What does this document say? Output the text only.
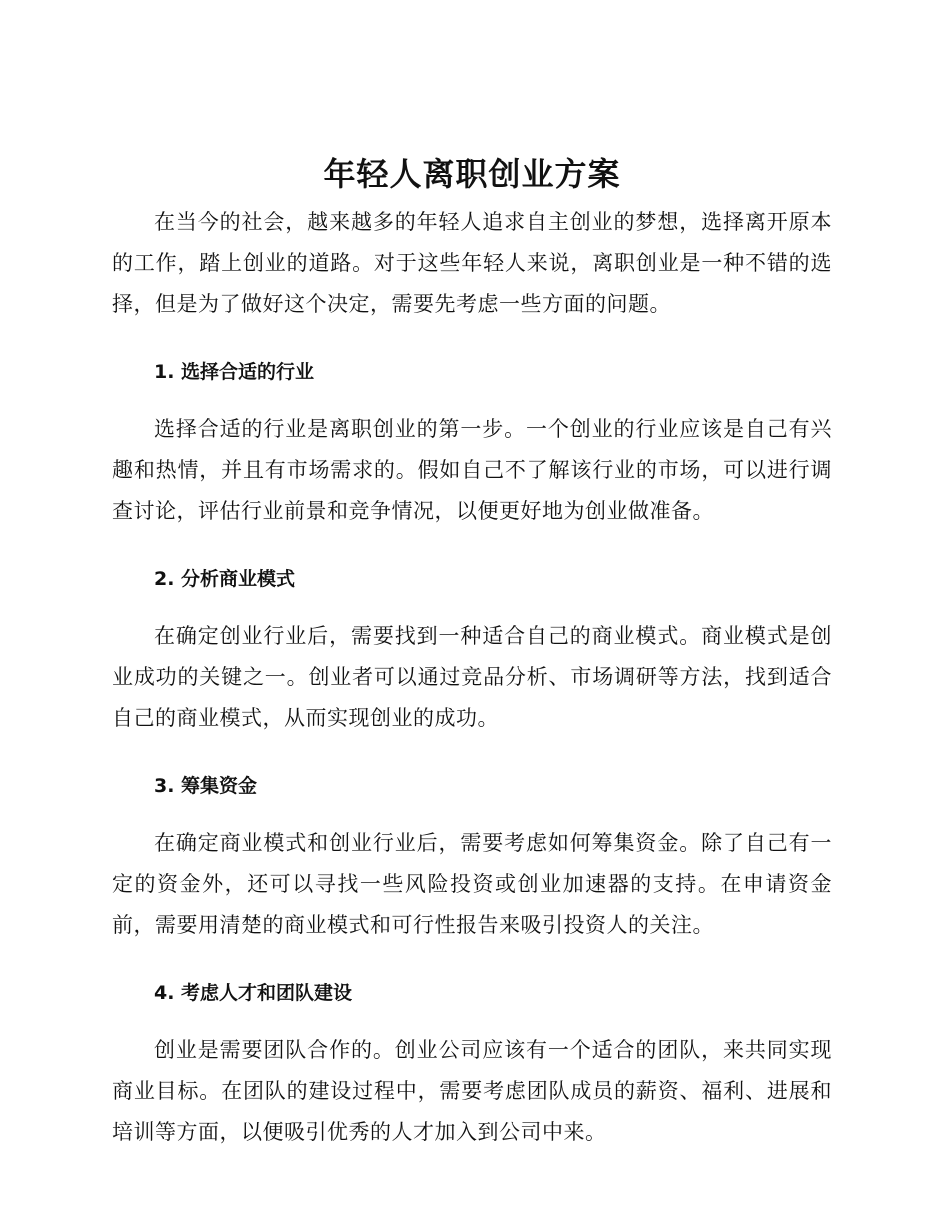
年轻人离职创业方案

在当今的社会，越来越多的年轻人追求自主创业的梦想，选择离开原本的工作，踏上创业的道路。对于这些年轻人来说，离职创业是一种不错的选择，但是为了做好这个决定，需要先考虑一些方面的问题。

1. 选择合适的行业

选择合适的行业是离职创业的第一步。一个创业的行业应该是自己有兴趣和热情，并且有市场需求的。假如自己不了解该行业的市场，可以进行调查讨论，评估行业前景和竞争情况，以便更好地为创业做准备。

2. 分析商业模式

在确定创业行业后，需要找到一种适合自己的商业模式。商业模式是创业成功的关键之一。创业者可以通过竞品分析、市场调研等方法，找到适合自己的商业模式，从而实现创业的成功。

3. 筹集资金

在确定商业模式和创业行业后，需要考虑如何筹集资金。除了自己有一定的资金外，还可以寻找一些风险投资或创业加速器的支持。在申请资金前，需要用清楚的商业模式和可行性报告来吸引投资人的关注。

4. 考虑人才和团队建设

创业是需要团队合作的。创业公司应该有一个适合的团队，来共同实现商业目标。在团队的建设过程中，需要考虑团队成员的薪资、福利、进展和培训等方面，以便吸引优秀的人才加入到公司中来。
